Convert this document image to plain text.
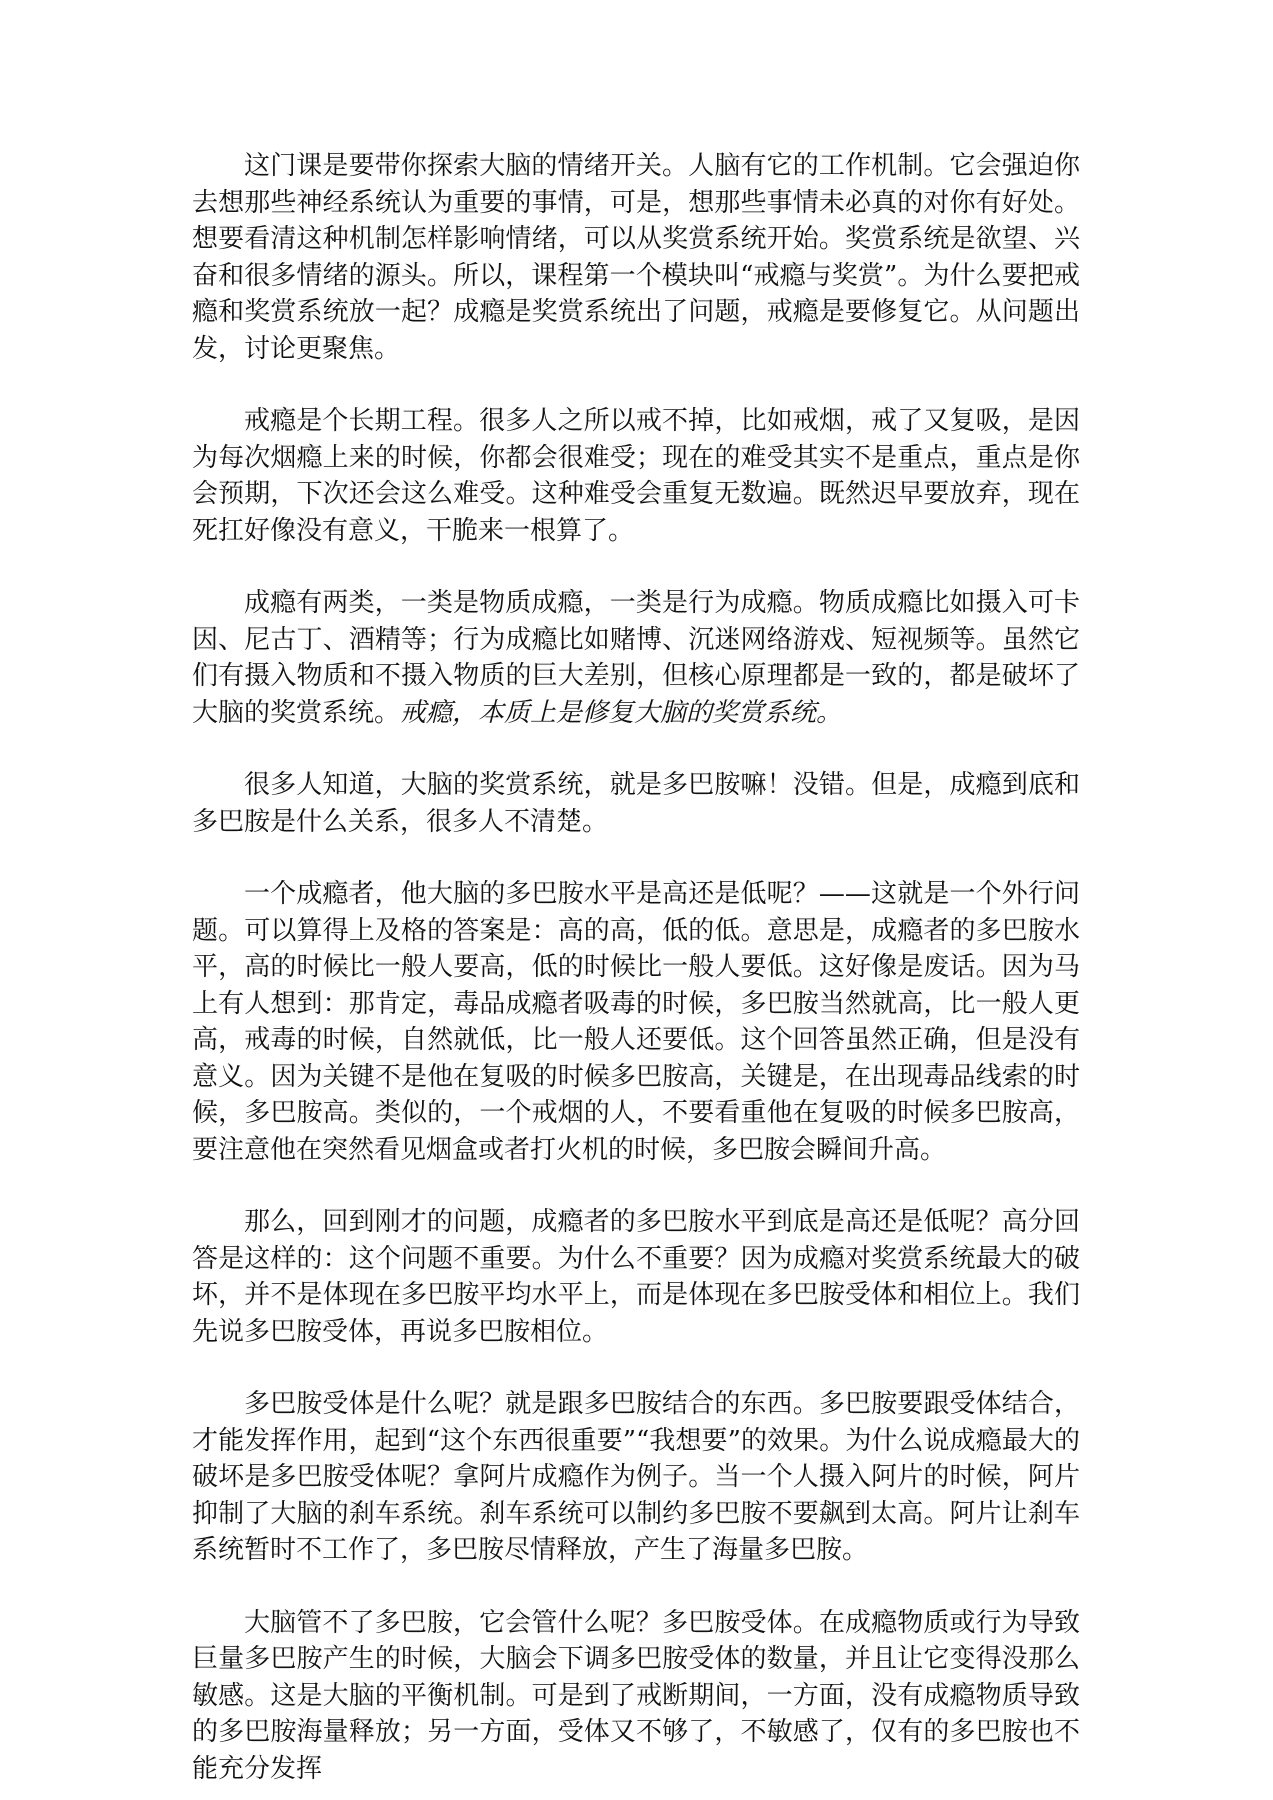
这门课是要带你探索大脑的情绪开关。人脑有它的工作机制。它会强迫你去想那些神经系统认为重要的事情，可是，想那些事情未必真的对你有好处。想要看清这种机制怎样影响情绪，可以从奖赏系统开始。奖赏系统是欲望、兴奋和很多情绪的源头。所以，课程第一个模块叫“戒瘾与奖赏”。为什么要把戒瘾和奖赏系统放一起？成瘾是奖赏系统出了问题，戒瘾是要修复它。从问题出发，讨论更聚焦。

戒瘾是个长期工程。很多人之所以戒不掉，比如戒烟，戒了又复吸，是因为每次烟瘾上来的时候，你都会很难受；现在的难受其实不是重点，重点是你会预期，下次还会这么难受。这种难受会重复无数遍。既然迟早要放弃，现在死扛好像没有意义，干脆来一根算了。

成瘾有两类，一类是物质成瘾，一类是行为成瘾。物质成瘾比如摄入可卡因、尼古丁、酒精等；行为成瘾比如赌博、沉迷网络游戏、短视频等。虽然它们有摄入物质和不摄入物质的巨大差别，但核心原理都是一致的，都是破坏了大脑的奖赏系统。戒瘾，本质上是修复大脑的奖赏系统。

很多人知道，大脑的奖赏系统，就是多巴胺嘛！没错。但是，成瘾到底和多巴胺是什么关系，很多人不清楚。

一个成瘾者，他大脑的多巴胺水平是高还是低呢？——这就是一个外行问题。可以算得上及格的答案是：高的高，低的低。意思是，成瘾者的多巴胺水平，高的时候比一般人要高，低的时候比一般人要低。这好像是废话。因为马上有人想到：那肯定，毒品成瘾者吸毒的时候，多巴胺当然就高，比一般人更高，戒毒的时候，自然就低，比一般人还要低。这个回答虽然正确，但是没有意义。因为关键不是他在复吸的时候多巴胺高，关键是，在出现毒品线索的时候，多巴胺高。类似的，一个戒烟的人，不要看重他在复吸的时候多巴胺高，要注意他在突然看见烟盒或者打火机的时候，多巴胺会瞬间升高。

那么，回到刚才的问题，成瘾者的多巴胺水平到底是高还是低呢？高分回答是这样的：这个问题不重要。为什么不重要？因为成瘾对奖赏系统最大的破坏，并不是体现在多巴胺平均水平上，而是体现在多巴胺受体和相位上。我们先说多巴胺受体，再说多巴胺相位。

多巴胺受体是什么呢？就是跟多巴胺结合的东西。多巴胺要跟受体结合，才能发挥作用，起到“这个东西很重要”“我想要”的效果。为什么说成瘾最大的破坏是多巴胺受体呢？拿阿片成瘾作为例子。当一个人摄入阿片的时候，阿片抑制了大脑的刹车系统。刹车系统可以制约多巴胺不要飙到太高。阿片让刹车系统暂时不工作了，多巴胺尽情释放，产生了海量多巴胺。

大脑管不了多巴胺，它会管什么呢？多巴胺受体。在成瘾物质或行为导致巨量多巴胺产生的时候，大脑会下调多巴胺受体的数量，并且让它变得没那么敏感。这是大脑的平衡机制。可是到了戒断期间，一方面，没有成瘾物质导致的多巴胺海量释放；另一方面，受体又不够了，不敏感了，仅有的多巴胺也不能充分发挥
